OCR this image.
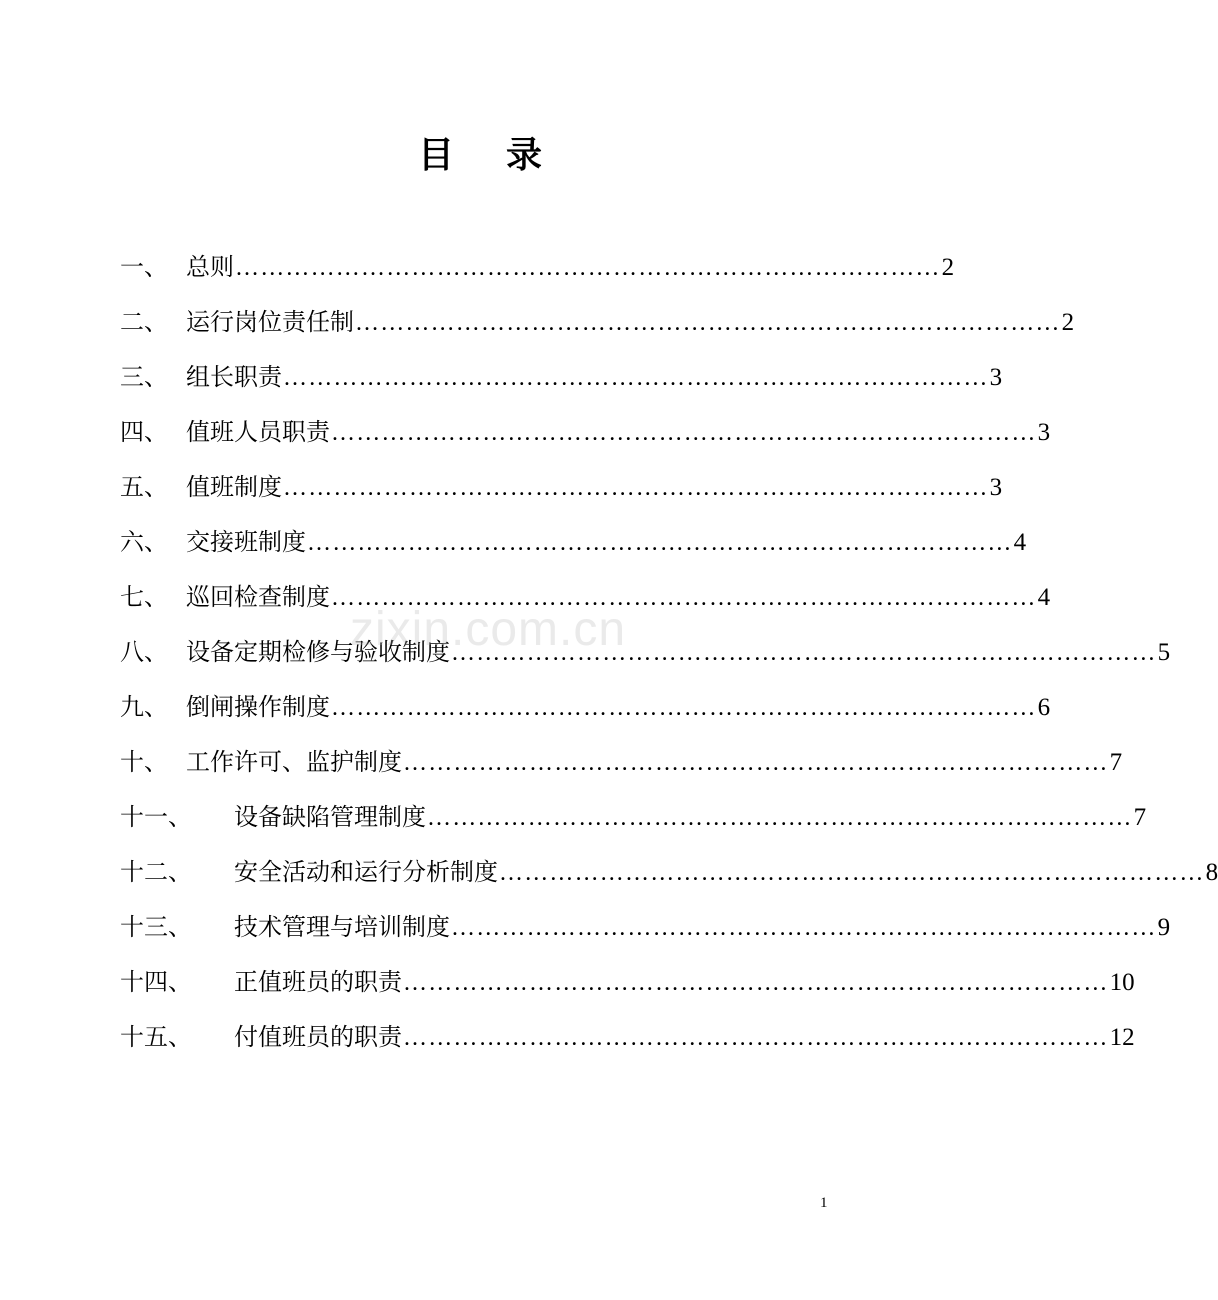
目 录
一、 总则 ………………………………………………………………………… 2
二、 运行岗位责任制 ………………………………………………………………………… 2
三、 组长职责 ………………………………………………………………………… 3
四、 值班人员职责 ………………………………………………………………………… 3
五、 值班制度 ………………………………………………………………………… 3
六、 交接班制度 ………………………………………………………………………… 4
七、 巡回检查制度 ………………………………………………………………………… 4
八、 设备定期检修与验收制度 ………………………………………………………………………… 5
九、 倒闸操作制度 ………………………………………………………………………… 6
十、 工作许可、监护制度 ………………………………………………………………………… 7
十一、	设备缺陷管理制度 ………………………………………………………………………… 7
十二、	安全活动和运行分析制度 ………………………………………………………………………… 8
十三、	技术管理与培训制度 ………………………………………………………………………… 9
十四、	正值班员的职责 ………………………………………………………………………… 10
十五、	付值班员的职责 ………………………………………………………………………… 12
zixin.com.cn
1
